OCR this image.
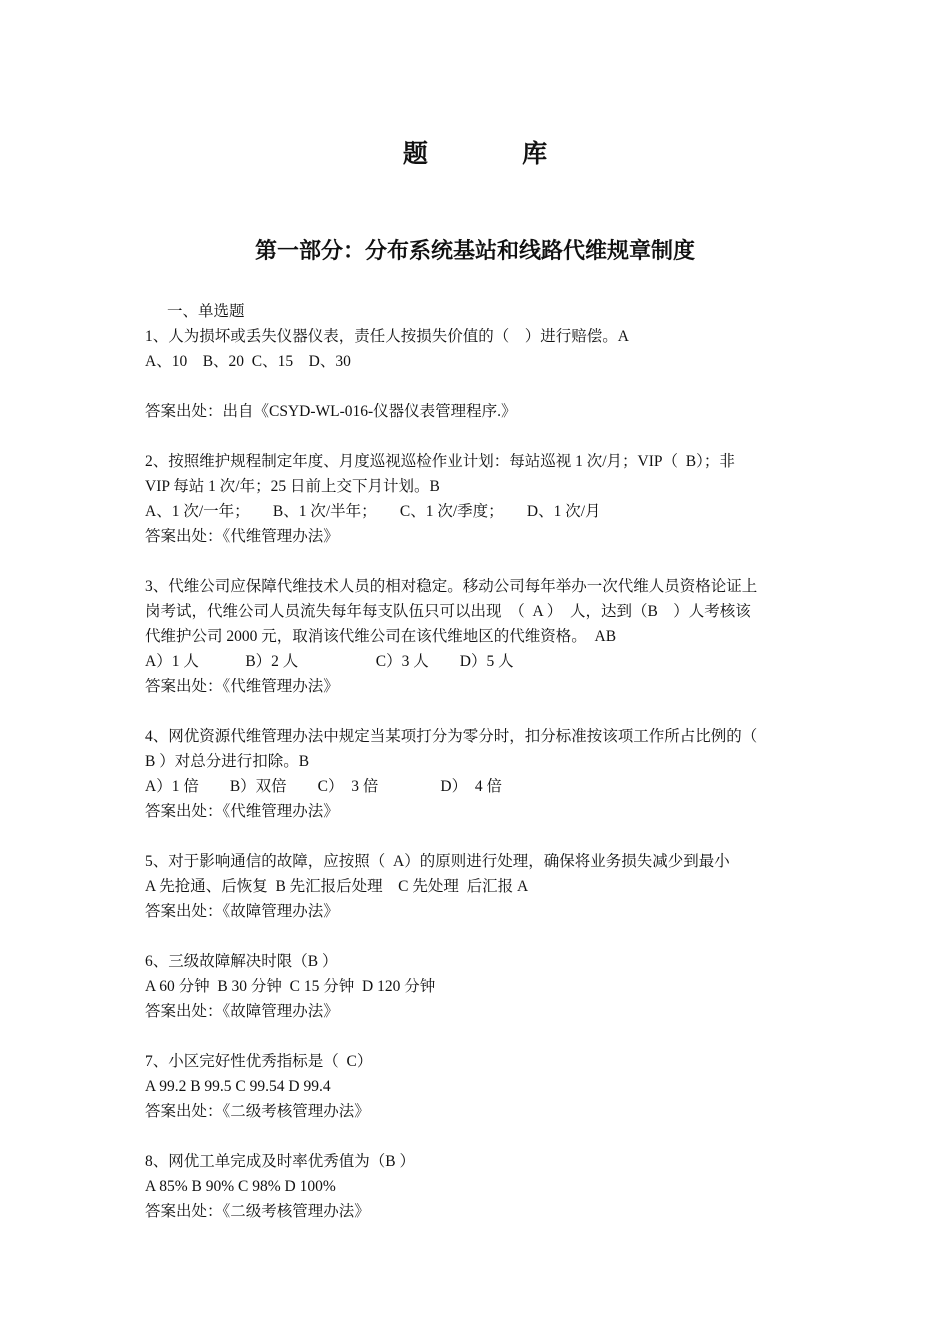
题 库
第一部分：分布系统基站和线路代维规章制度
一、单选题
1、人为损坏或丢失仪器仪表，责任人按损失价值的（　）进行赔偿。A
A、10　B、20  C、15　D、30
答案出处：出自《CSYD-WL-016-仪器仪表管理程序.》
2、按照维护规程制定年度、月度巡视巡检作业计划：每站巡视 1 次/月；VIP（  B）；非
VIP 每站 1 次/年；25 日前上交下月计划。B
A、1 次/一年；　　B、1 次/半年；　　C、1 次/季度；　　D、1 次/月
答案出处：《代维管理办法》
3、代维公司应保障代维技术人员的相对稳定。移动公司每年举办一次代维人员资格论证上
岗考试，代维公司人员流失每年每支队伍只可以出现　（  A ）  人，达到（B　）人考核该
代维护公司 2000 元，取消该代维公司在该代维地区的代维资格。  AB
A）1 人　　　B）2 人　　　　　C）3 人　　D）5 人
答案出处：《代维管理办法》
4、网优资源代维管理办法中规定当某项打分为零分时，扣分标准按该项工作所占比例的（
B ）对总分进行扣除。B
A）1 倍　　B）双倍　　C）  3 倍　　　　D）  4 倍
答案出处：《代维管理办法》
5、对于影响通信的故障，应按照（  A）的原则进行处理，确保将业务损失减少到最小
A 先抢通、后恢复  B 先汇报后处理　C 先处理  后汇报 A
答案出处：《故障管理办法》
6、三级故障解决时限（B ）
A 60 分钟  B 30 分钟  C 15 分钟  D 120 分钟
答案出处：《故障管理办法》
7、小区完好性优秀指标是（  C）
A 99.2 B 99.5 C 99.54 D 99.4
答案出处：《二级考核管理办法》
8、网优工单完成及时率优秀值为（B ）
A 85% B 90% C 98% D 100%
答案出处：《二级考核管理办法》
